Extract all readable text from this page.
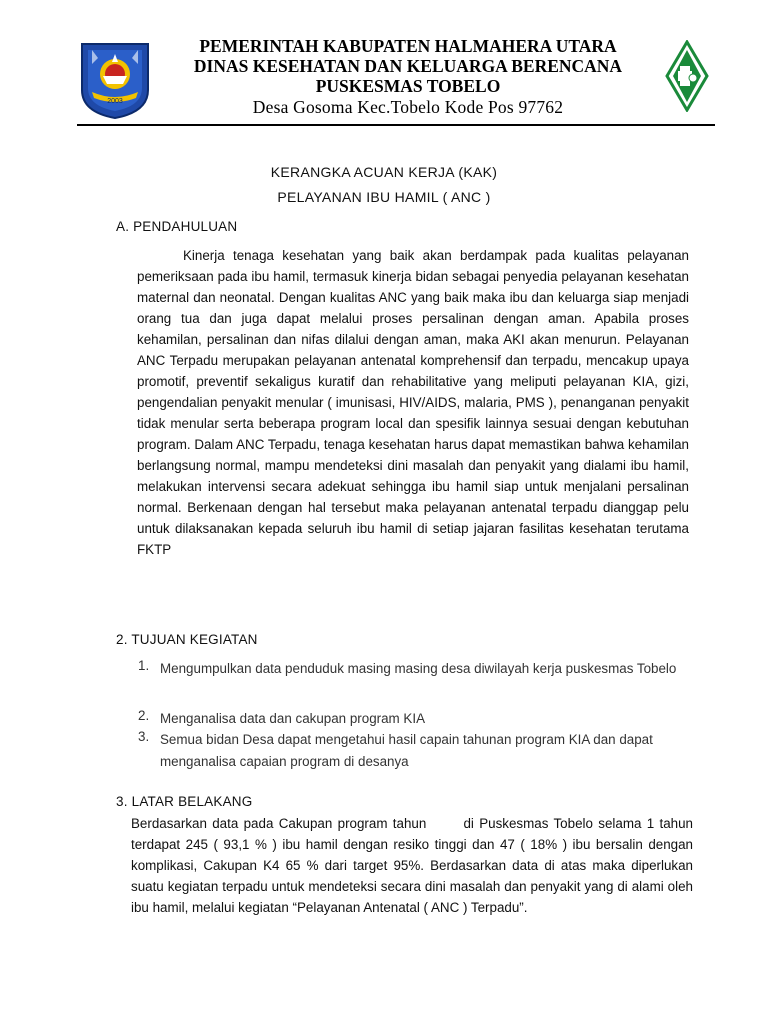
2003
PEMERINTAH KABUPATEN HALMAHERA UTARA
DINAS KESEHATAN DAN KELUARGA BERENCANA
PUSKESMAS TOBELO
Desa Gosoma Kec.Tobelo Kode Pos 97762
KERANGKA ACUAN KERJA (KAK)
PELAYANAN IBU HAMIL ( ANC )
A. PENDAHULUAN
Kinerja tenaga kesehatan yang baik akan berdampak pada kualitas pelayanan pemeriksaan pada ibu hamil, termasuk kinerja bidan sebagai penyedia pelayanan kesehatan maternal dan neonatal. Dengan kualitas ANC yang baik maka ibu dan keluarga siap menjadi orang tua dan juga dapat melalui proses persalinan dengan aman. Apabila proses kehamilan, persalinan dan nifas dilalui dengan aman, maka AKI akan menurun. Pelayanan ANC Terpadu merupakan pelayanan antenatal komprehensif dan terpadu, mencakup upaya promotif, preventif sekaligus kuratif dan rehabilitative yang meliputi pelayanan KIA, gizi, pengendalian penyakit menular ( imunisasi, HIV/AIDS, malaria, PMS ), penanganan penyakit tidak menular serta beberapa program local dan spesifik lainnya sesuai dengan kebutuhan program. Dalam ANC Terpadu, tenaga kesehatan harus dapat memastikan bahwa kehamilan berlangsung normal, mampu mendeteksi dini masalah dan penyakit yang dialami ibu hamil, melakukan intervensi secara adekuat sehingga ibu hamil siap untuk menjalani persalinan normal. Berkenaan dengan hal tersebut maka pelayanan antenatal terpadu dianggap pelu untuk dilaksanakan kepada seluruh ibu hamil di setiap jajaran fasilitas kesehatan terutama FKTP
2. TUJUAN KEGIATAN
1. Mengumpulkan data penduduk masing masing desa diwilayah kerja puskesmas Tobelo
2. Menganalisa data dan cakupan program KIA
3. Semua bidan Desa dapat mengetahui hasil capain tahunan program KIA dan dapat menganalisa capaian program di desanya
3. LATAR BELAKANG
Berdasarkan data pada Cakupan program tahun       di Puskesmas Tobelo selama 1 tahun terdapat 245 ( 93,1 % ) ibu hamil dengan resiko tinggi dan 47 ( 18% ) ibu bersalin dengan komplikasi, Cakupan K4 65 % dari target 95%. Berdasarkan data di atas maka diperlukan suatu kegiatan terpadu untuk mendeteksi secara dini masalah dan penyakit yang di alami oleh ibu hamil, melalui kegiatan “Pelayanan Antenatal ( ANC ) Terpadu”.
